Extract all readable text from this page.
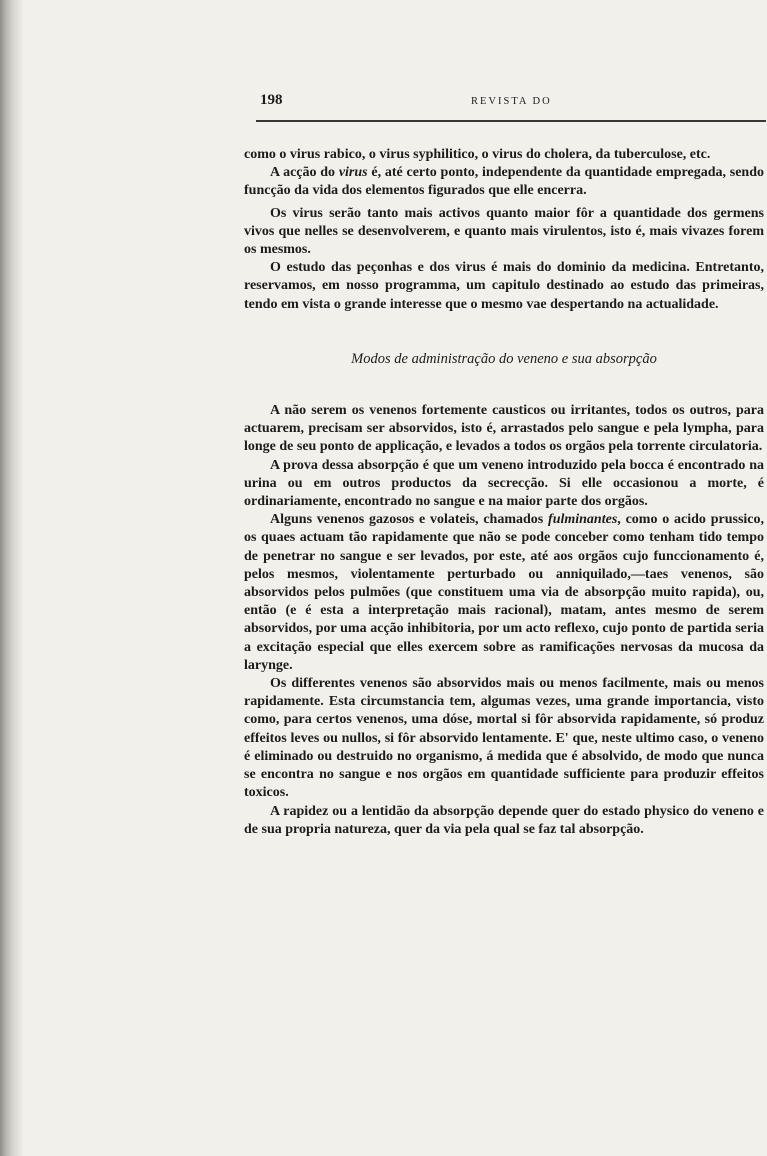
198	REVISTA DO

como o virus rabico, o virus syphilitico, o virus do cholera, da tuberculose, etc.

A acção do virus é, até certo ponto, independente da quantidade empregada, sendo funcção da vida dos elementos figurados que elle encerra.

Os virus serão tanto mais activos quanto maior fôr a quantidade dos germens vivos que nelles se desenvolverem, e quanto mais virulentos, isto é, mais vivazes forem os mesmos.

O estudo das peçonhas e dos virus é mais do dominio da medicina. Entretanto, reservamos, em nosso programma, um capitulo destinado ao estudo das primeiras, tendo em vista o grande interesse que o mesmo vae despertando na actualidade.

Modos de administração do veneno e sua absorpção

A não serem os venenos fortemente causticos ou irritantes, todos os outros, para actuarem, precisam ser absorvidos, isto é, arrastados pelo sangue e pela lympha, para longe de seu ponto de applicação, e levados a todos os orgãos pela torrente circulatoria.

A prova dessa absorpção é que um veneno introduzido pela bocca é encontrado na urina ou em outros productos da secrecção. Si elle occasionou a morte, é ordinariamente, encontrado no sangue e na maior parte dos orgãos.

Alguns venenos gazosos e volateis, chamados fulminantes, como o acido prussico, os quaes actuam tão rapidamente que não se pode conceber como tenham tido tempo de penetrar no sangue e ser levados, por este, até aos orgãos cujo funccionamento é, pelos mesmos, violentamente perturbado ou anniquilado,—taes venenos, são absorvidos pelos pulmões (que constituem uma via de absorpção muito rapida), ou, então (e é esta a interpretação mais racional), matam, antes mesmo de serem absorvidos, por uma acção inhibitoria, por um acto reflexo, cujo ponto de partida seria a excitação especial que elles exercem sobre as ramificações nervosas da mucosa da larynge.

Os differentes venenos são absorvidos mais ou menos facilmente, mais ou menos rapidamente. Esta circumstancia tem, algumas vezes, uma grande importancia, visto como, para certos venenos, uma dóse, mortal si fôr absorvida rapidamente, só produz effeitos leves ou nullos, si fôr absorvido lentamente. E' que, neste ultimo caso, o veneno é eliminado ou destruido no organismo, á medida que é absolvido, de modo que nunca se encontra no sangue e nos orgãos em quantidade sufficiente para produzir effeitos toxicos.

A rapidez ou a lentidão da absorpção depende quer do estado physico do veneno e de sua propria natureza, quer da via pela qual se faz tal absorpção.
